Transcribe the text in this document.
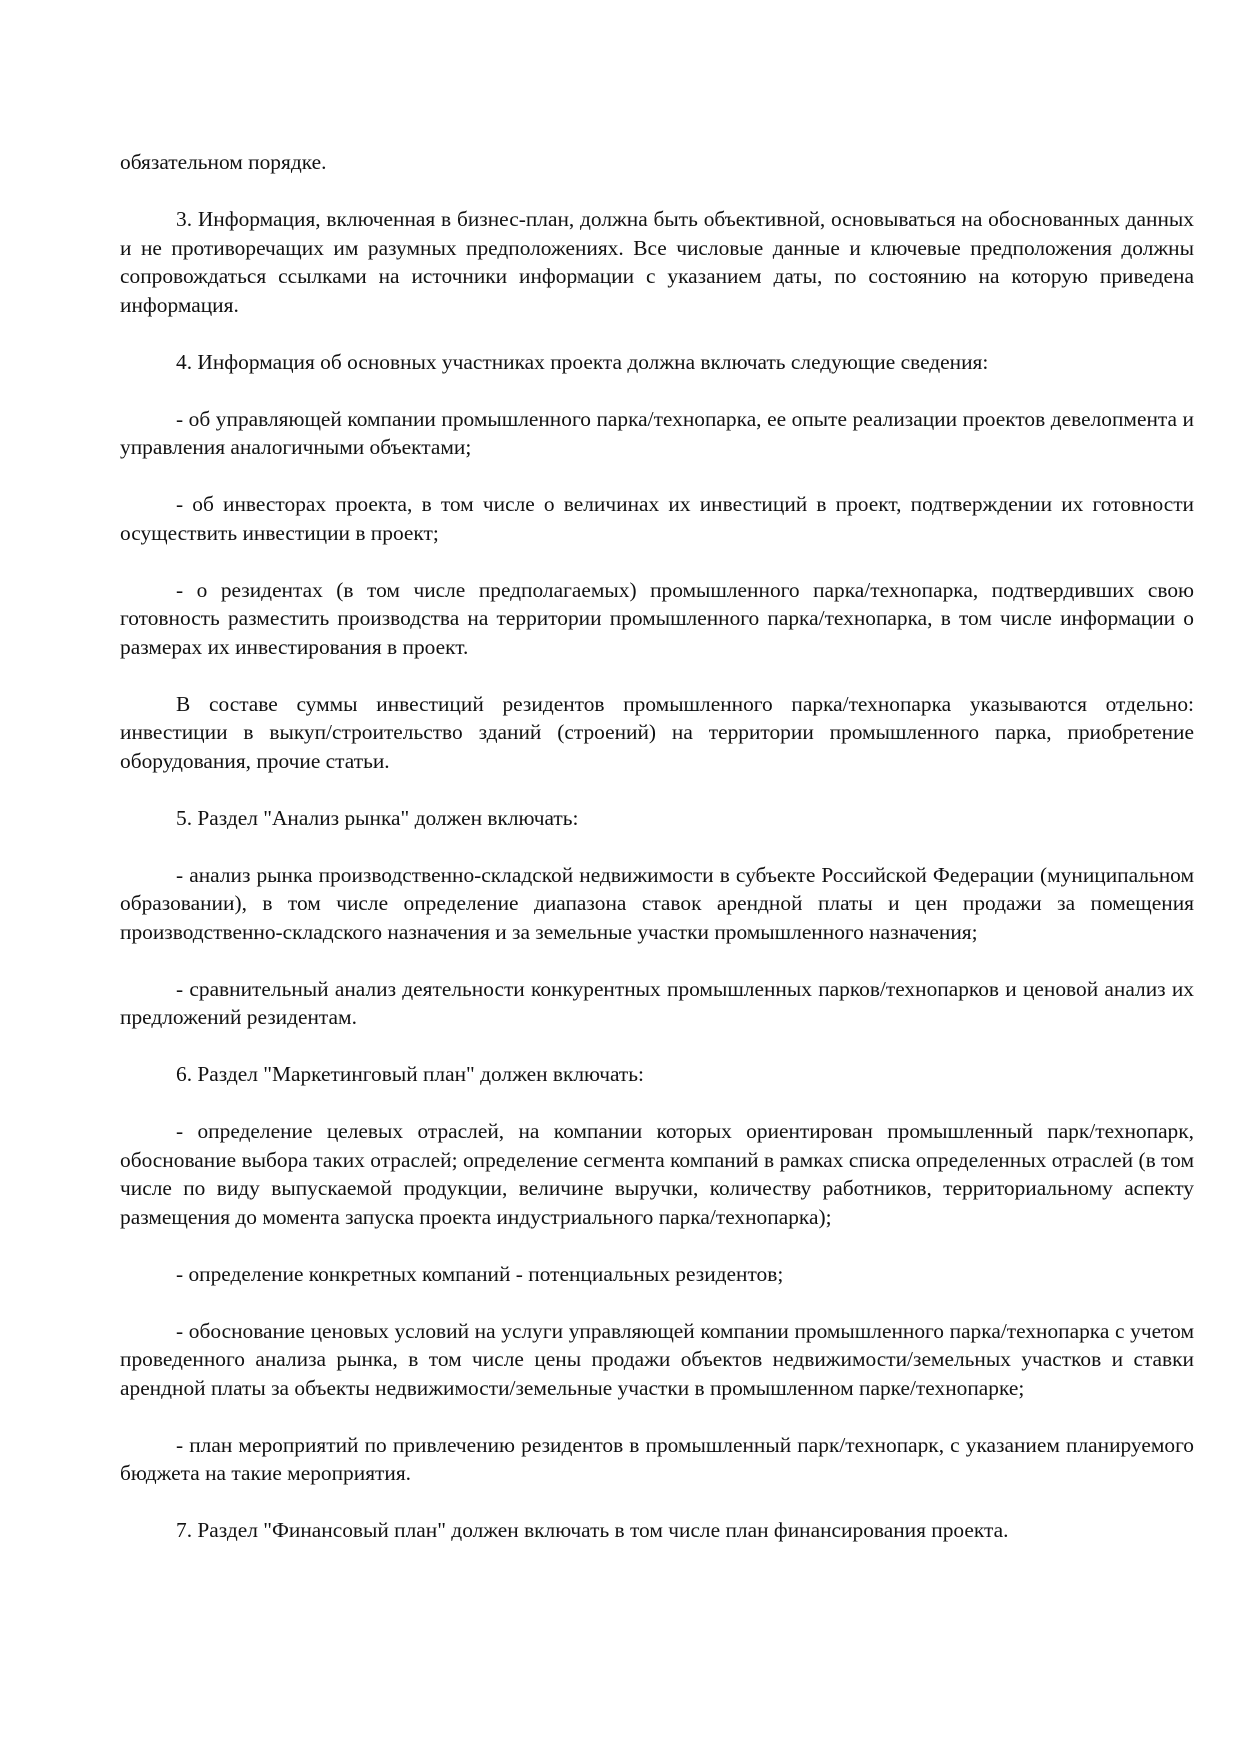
обязательном порядке.

3. Информация, включенная в бизнес-план, должна быть объективной, основываться на обоснованных данных и не противоречащих им разумных предположениях. Все числовые данные и ключевые предположения должны сопровождаться ссылками на источники информации с указанием даты, по состоянию на которую приведена информация.

4. Информация об основных участниках проекта должна включать следующие сведения:

- об управляющей компании промышленного парка/технопарка, ее опыте реализации проектов девелопмента и управления аналогичными объектами;

- об инвесторах проекта, в том числе о величинах их инвестиций в проект, подтверждении их готовности осуществить инвестиции в проект;

- о резидентах (в том числе предполагаемых) промышленного парка/технопарка, подтвердивших свою готовность разместить производства на территории промышленного парка/технопарка, в том числе информации о размерах их инвестирования в проект.

В составе суммы инвестиций резидентов промышленного парка/технопарка указываются отдельно: инвестиции в выкуп/строительство зданий (строений) на территории промышленного парка, приобретение оборудования, прочие статьи.

5. Раздел "Анализ рынка" должен включать:

- анализ рынка производственно-складской недвижимости в субъекте Российской Федерации (муниципальном образовании), в том числе определение диапазона ставок арендной платы и цен продажи за помещения производственно-складского назначения и за земельные участки промышленного назначения;

- сравнительный анализ деятельности конкурентных промышленных парков/технопарков и ценовой анализ их предложений резидентам.

6. Раздел "Маркетинговый план" должен включать:

- определение целевых отраслей, на компании которых ориентирован промышленный парк/технопарк, обоснование выбора таких отраслей; определение сегмента компаний в рамках списка определенных отраслей (в том числе по виду выпускаемой продукции, величине выручки, количеству работников, территориальному аспекту размещения до момента запуска проекта индустриального парка/технопарка);

- определение конкретных компаний - потенциальных резидентов;

- обоснование ценовых условий на услуги управляющей компании промышленного парка/технопарка с учетом проведенного анализа рынка, в том числе цены продажи объектов недвижимости/земельных участков и ставки арендной платы за объекты недвижимости/земельные участки в промышленном парке/технопарке;

- план мероприятий по привлечению резидентов в промышленный парк/технопарк, с указанием планируемого бюджета на такие мероприятия.

7. Раздел "Финансовый план" должен включать в том числе план финансирования проекта.
